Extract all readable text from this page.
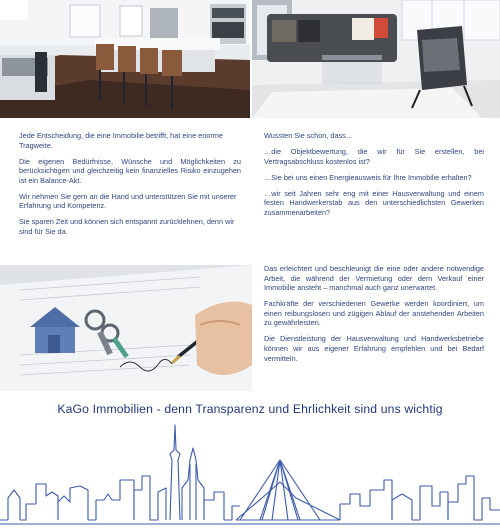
Jede Entscheidung, die eine Immobilie betrifft, hat eine enorme Tragweite.

Die eigenen Bedürfnisse, Wünsche und Möglichkeiten zu berücksichtigen und gleichzeitig kein finanzielles Risiko einzugehen ist ein Balance-Akt.

Wir nehmen Sie gern an die Hand und unterstützen Sie mit unserer Erfahrung und Kompetenz.

Sie sparen Zeit und können sich entspannt zurücklehnen, denn wir sind für Sie da.

Wussten Sie schon, dass…

…die Objektbewertung, die wir für Sie erstellen, bei Vertragsabschluss kostenlos ist?

…Sie bei uns einen Energieausweis für Ihre Immobilie erhalten?

…wir seit Jahren sehr eng mit einer Hausverwaltung und einem festen Handwerkerstab aus den unterschiedlichsten Gewerken zusammenarbeiten?

Das erleichtert und beschleunigt die eine oder andere notwendige Arbeit, die während der Vermietung oder dem Verkauf einer Immobilie ansteht – manchmal auch ganz unerwartet.

Fachkräfte der verschiedenen Gewerke werden koordiniert, um einen reibungslosen und zügigen Ablauf der anstehenden Arbeiten zu gewährleisten.

Die Dienstleistung der Hausverwaltung und Handwerksbetriebe können wir aus eigener Erfahrung empfehlen und bei Bedarf vermitteln.

KaGo Immobilien - denn Transparenz und Ehrlichkeit sind uns wichtig
